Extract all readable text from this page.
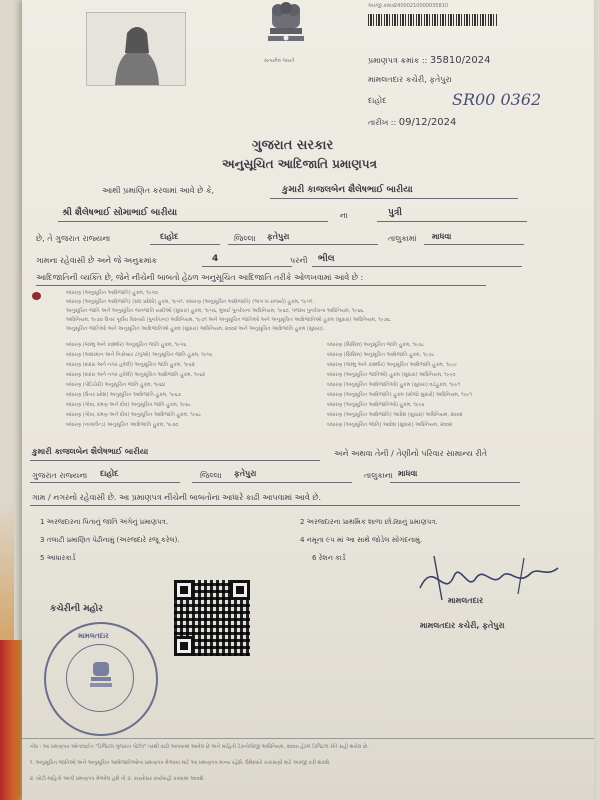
સત્યમેવ જયતે
અરજી ક્રમાંક
24000210000035810
પ્રમાણપત્ર ક્રમાંક :: 35810/2024
મામલતદાર કચેરી, ફતેપુરા
દાહોદ	SR00 0362
તારીખ :: 09/12/2024
ગુજરાત સરકાર
અનુસૂચિત આદિજાતિ પ્રમાણપત્ર
આથી પ્રમાણિત કરવામાં આવે છે કે,	કુમારી કાજલબેન શૈલેષભાઈ બારીયા
શ્રી શૈલેષભાઈ સોમાભાઈ બારીયા	ના	પુત્રી
છે, તે ગુજરાત રાજ્યના	દાહોદ	જિલ્લા ફતેપુરા	તાલુકામાં માધવા
ગામના રહેવાસી છે અને જે અનુક્રમાંક	4	પરની ભીલ
આદિજાતિની વ્યક્તિ છે, જેને નીચેની બાબતો હેઠળ અનુસૂચિત આદિજાતિ તરીકે ઓળખવામાં આવે છે :
બંધારણ (અનુસૂચિત આદિજાતિ) હુકમ, ૧૯૫૦.
બંધારણ (અનુસૂચિત આદિજાતિ) (સંઘ પ્રદેશો) હુકમ, ૧૯૫૧. બંધારણ (અનુસૂચિત આદિજાતિ) (ભાગ ખ રાજ્યો) હુકમ, ૧૯૫૧.
અનુસૂચિત જાતિ અને અનુસૂચિત જનજાતિ યાદીઓ (સુધારા) હુકમ, ૧૯૫૬, મુંબઈ પુનર્રચના અધિનિયમ, ૧૯૬૦, પંજાબ પુનર્રચના અધિનિયમ, ૧૯૬૬.
અધિનિયમ, ૧૯૭૦ ઉત્તર પૂર્વીય વિસ્તારો (પુનર્રચના) અધિનિયમ, ૧૯૭૧ અને અનુસૂચિત જાતિઓ અને અનુસૂચિત આદિજાતિઓ હુકમ (સુધારા) અધિનિયમ, ૧૯૭૬.
અનુસૂચિત જાતિઓ અને અનુસૂચિત આદિજાતિઓ હુકમ (સુધારા) અધિનિયમ, ૨૦૦૨ અને અનુસૂચિત આદિજાતિ હુકમ (સુધારા).
બંધારણ (જમ્મુ અને કાશ્મીર) અનુસૂચિત જાતિ હુકમ, ૧૯૫૬
બંધારણ (આંદામાન અને નિકોબાર ટાપુઓ) અનુસૂચિત જાતિ હુકમ, ૧૯૫૯
બંધારણ (દાદરા અને નગર હવેલી) અનુસૂચિત જાતિ હુકમ, ૧૯૬૨
બંધારણ (દાદરા અને નગર હવેલી) અનુસૂચિત આદિજાતિ હુકમ, ૧૯૬૨
બંધારણ (પોંડિચેરી) અનુસૂચિત જાતિ હુકમ, ૧૯૬૪
બંધારણ (ઉત્તર પ્રદેશ) અનુસૂચિત આદિજાતિ હુકમ, ૧૯૬૭
બંધારણ (ગોવા, દમણ અને દીવ) અનુસૂચિત જાતિ હુકમ, ૧૯૬૮
બંધારણ (ગોવા, દમણ અને દીવ) અનુસૂચિત આદિજાતિ હુકમ, ૧૯૬૮
બંધારણ (નાગાલેન્ડ) અનુસૂચિત આદિજાતિ હુકમ, ૧૯૭૦
બંધારણ (સિક્કિમ) અનુસૂચિત જાતિ હુકમ, ૧૯૭૮
બંધારણ (સિક્કિમ) અનુસૂચિત આદિજાતિ હુકમ, ૧૯૭૮
બંધારણ (જમ્મુ અને કાશ્મીર) અનુસૂચિત આદિજાતિ હુકમ, ૧૯૮૯
બંધારણ (અનુસૂચિત જાતિઓ) હુકમ (સુધારા) અધિનિયમ, ૧૯૯૦
બંધારણ (અનુસૂચિત આદિજાતિઓ) હુકમ (સુધારા) વટહુકમ, ૧૯૯૧
બંધારણ (અનુસૂચિત આદિજાતિ) હુકમ (બીજો સુધારો) અધિનિયમ, ૧૯૯૧
બંધારણ (અનુસૂચિત આદિજાતિઓ) હુકમ, ૧૯૯૬
બંધારણ (અનુસૂચિત આદિજાતિ) આદેશ (સુધારા) અધિનિયમ, ૨૦૦૨
બંધારણ (અનુસૂચિત જાતિ) આદેશ (સુધારા) અધિનિયમ, ૨૦૦૨
કુમારી કાજલબેન શૈલેષભાઈ બારીયા	અને અથવા તેની / તેણીનો પરિવાર સામાન્ય રીતે
ગુજરાત રાજ્યના દાહોદ	જિલ્લા ફતેપુરા	તાલુકાના માધવા
ગામ / નગરનો રહેવાસી છે. આ પ્રમાણપત્ર નીચેની બાબતોના આધારે કાઢી આપવામાં આવે છે.
1 અરજદારના પિતાનું જાતિ અંગેનું પ્રમાણપત્ર.	2 અરજદારના પ્રાથમિક શાળા છોડ્યાનું પ્રમાણપત્ર.
3 તલાટી પ્રમાણિત પેઢીનામું (અરજદારે રજૂ કરેલ).	4 નમૂના ૯૫ માં આ સાથે જોડેલ સોગંદનામું.
5 આધારકાર્ડ	6 રેશન કાર્ડ
મામલતદાર
મામલતદાર કચેરી, ફતેપુરા
કચેરીની મહોર
મામલતદાર
નોંધ : આ પ્રમાણપત્ર ઓનલાઈન "ડિજિટલ ગુજરાત પોર્ટલ" પરથી કાઢી આપવામાં આવેલ છે અને માહિતી ટેકનોલોજી અધિનિયમ, ૨૦૦૦ હેઠળ ડિજિટલ રીતે સહી થયેલ છે.
૧. અનુસૂચિત જાતિઓ અને અનુસૂચિત આદિજાતિઓના પ્રમાણપત્ર મેળવવા માટે આ પ્રમાણપત્ર માન્ય રહેશે. ઉમેદવારે ચકાસણી માટે અરજી કરી શકશે.
૨. ખોટી માહિતી આપી પ્રમાણપત્ર મેળવેલ હશે તો ૩. કાયદેસર કાર્યવાહી કરવામાં આવશે.
